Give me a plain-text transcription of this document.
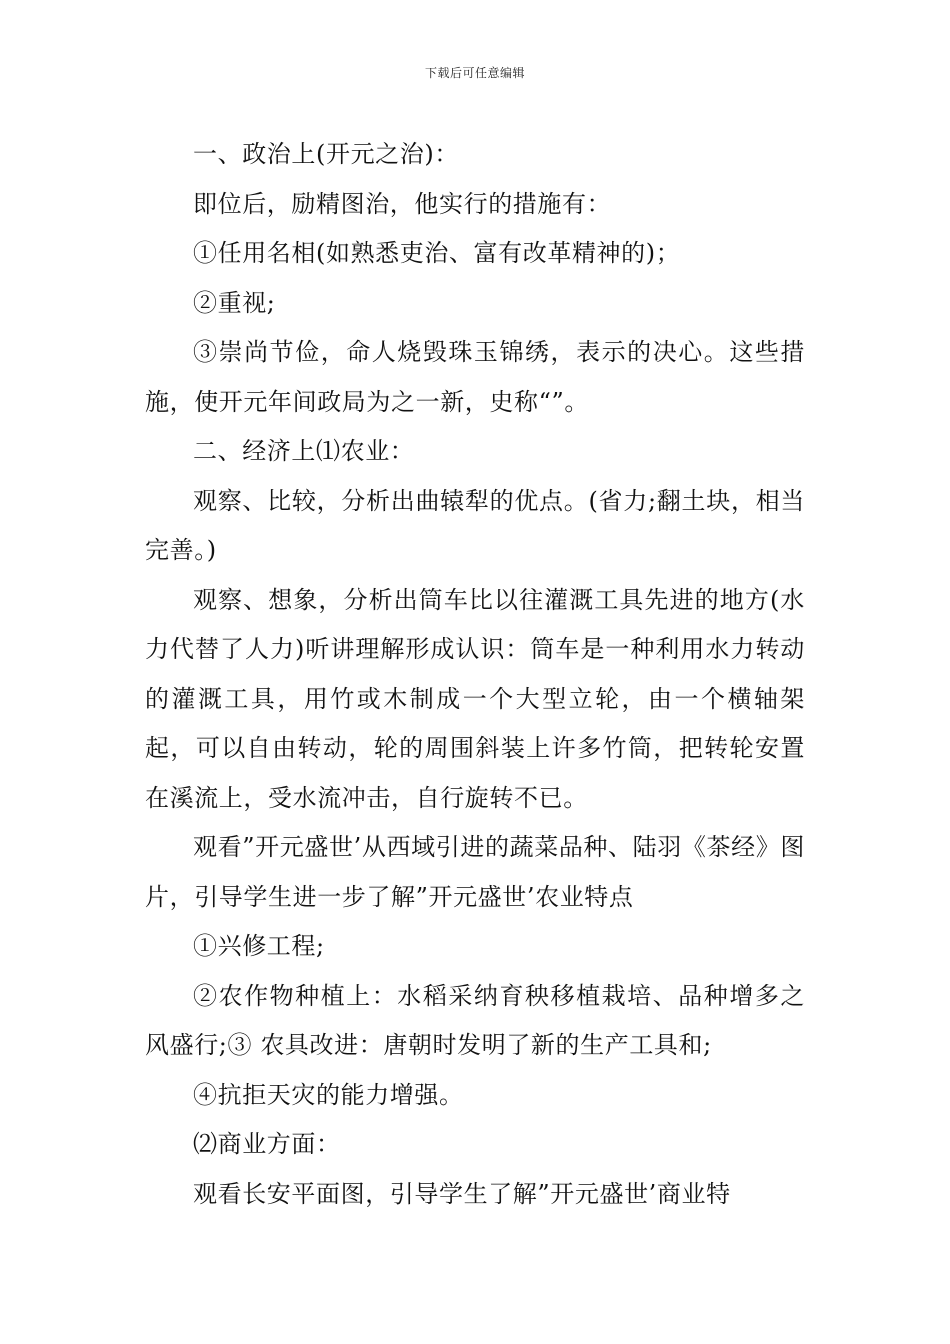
下载后可任意编辑

一、政治上(开元之治)：

即位后，励精图治，他实行的措施有：

①任用名相(如熟悉吏治、富有改革精神的)；

②重视;

③崇尚节俭，命人烧毁珠玉锦绣，表示的决心。这些措施，使开元年间政局为之一新，史称“”。

二、经济上⑴农业：

观察、比较，分析出曲辕犁的优点。(省力;翻土块，相当完善。)

观察、想象，分析出筒车比以往灌溉工具先进的地方(水力代替了人力)听讲理解形成认识：筒车是一种利用水力转动的灌溉工具，用竹或木制成一个大型立轮，由一个横轴架起，可以自由转动，轮的周围斜装上许多竹筒，把转轮安置在溪流上，受水流冲击，自行旋转不已。

观看”开元盛世’从西域引进的蔬菜品种、陆羽《茶经》图片，引导学生进一步了解”开元盛世’农业特点

①兴修工程;

②农作物种植上：水稻采纳育秧移植栽培、品种增多之风盛行;③ 农具改进：唐朝时发明了新的生产工具和;

④抗拒天灾的能力增强。

⑵商业方面：

观看长安平面图，引导学生了解”开元盛世’商业特
